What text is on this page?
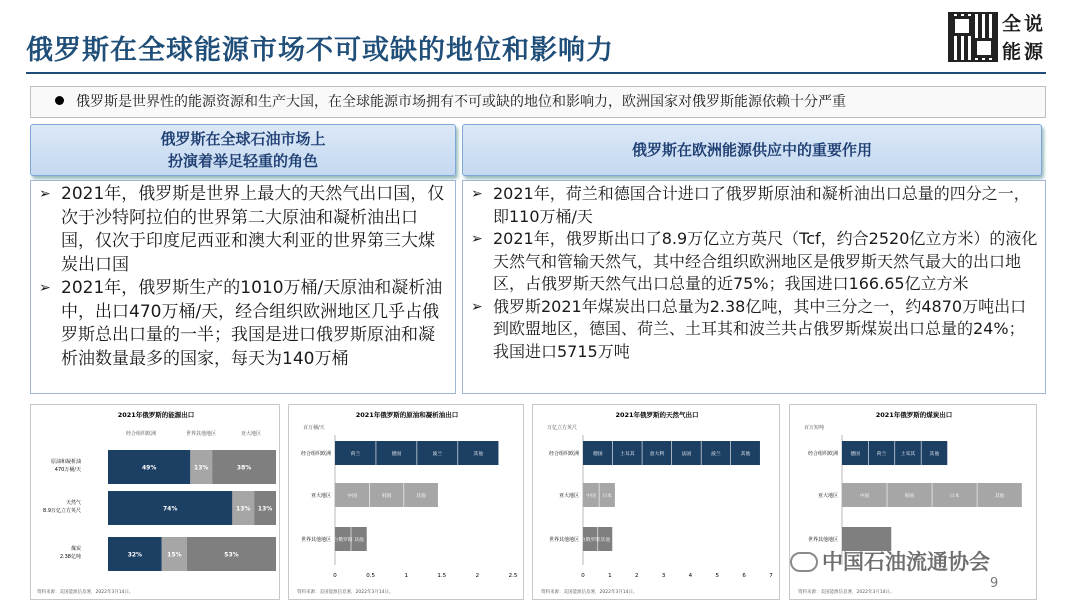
俄罗斯在全球能源市场不可或缺的地位和影响力
全 说
能 源
俄罗斯是世界性的能源资源和生产大国，在全球能源市场拥有不可或缺的地位和影响力，欧洲国家对俄罗斯能源依赖十分严重
俄罗斯在全球石油市场上
扮演着举足轻重的角色
俄罗斯在欧洲能源供应中的重要作用
➢ 2021年，俄罗斯是世界上最大的天然气出口国，仅次于沙特阿拉伯的世界第二大原油和凝析油出口国，仅次于印度尼西亚和澳大利亚的世界第三大煤炭出口国
➢ 2021年，俄罗斯生产的1010万桶/天原油和凝析油中，出口470万桶/天，经合组织欧洲地区几乎占俄罗斯总出口量的一半；我国是进口俄罗斯原油和凝析油数量最多的国家，每天为140万桶
➢ 2021年，荷兰和德国合计进口了俄罗斯原油和凝析油出口总量的四分之一，即110万桶/天
➢ 2021年，俄罗斯出口了8.9万亿立方英尺（Tcf，约合2520亿立方米）的液化天然气和管输天然气，其中经合组织欧洲地区是俄罗斯天然气最大的出口地区，占俄罗斯天然气出口总量的近75%；我国进口166.65亿立方米
➢ 俄罗斯2021年煤炭出口总量为2.38亿吨，其中三分之一，约4870万吨出口到欧盟地区，德国、荷兰、土耳其和波兰共占俄罗斯煤炭出口总量的24%；我国进口5715万吨
2021年俄罗斯的能源出口
经合组织欧洲	世界其他地区	亚大地区
原油和凝析油
470万桶/天	49%	13%	38%
天然气
8.9万亿立方英尺	74%	13% 13%
煤炭
2.38亿吨	32%	15%	53%
资料来源：美国能源信息署，2022年3月14日。
2021年俄罗斯的原油和凝析油出口
百万桶/天
经合组织欧洲	荷兰	德国	波兰	其他
亚大地区	中国	韩国	其他
世界其他地区 白俄罗斯 其他
0	0.5	1	1.5	2	2.5
资料来源：美国能源信息署，2022年3月14日。
2021年俄罗斯的天然气出口
万亿立方英尺
经合组织欧洲	德国	土耳其	意大利	法国	波兰	其他
亚大地区 中国 日本
世界其他地区 白俄罗斯 其他
0	1	2	3	4	5	6	7
资料来源：美国能源信息署，2022年3月14日。
2021年俄罗斯的煤炭出口
百万短吨
经合组织欧洲	德国	荷兰	土耳其	其他
亚大地区	中国	韩国	日本	其他
世界其他地区
资料来源：美国能源信息署，2022年3月14日。
中国石油流通协会
9
